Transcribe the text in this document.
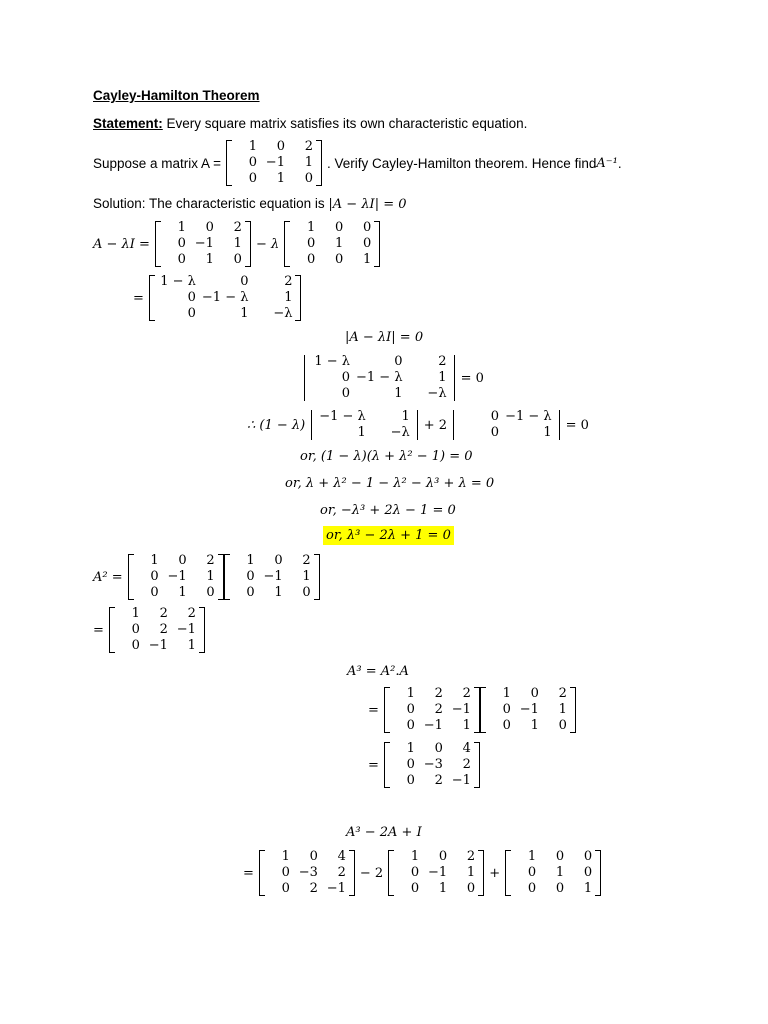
Cayley-Hamilton Theorem
Statement: Every square matrix satisfies its own characteristic equation.
Suppose a matrix A =
1	0	2
0 −1	1
0	1	0
. Verify Cayley-Hamilton theorem. Hence find A⁻¹ .
Solution: The characteristic equation is |A − λI| = 0
A − λI =
1	0	2
0 −1	1
0	1	0
− λ
1	0	0
0	1	0
0	0	1
=
1 − λ	0	2
0 −1 − λ	1
0	1	−λ
|A − λI| = 0
1 − λ	0	2
0 −1 − λ	1
0	1	−λ
= 0
∴ (1 − λ)
−1 − λ	1
1	−λ + 2
0 −1 − λ
0	1 = 0
or, (1 − λ)(λ + λ² − 1) = 0
or, λ + λ² − 1 − λ² − λ³ + λ = 0
or, −λ³ + 2λ − 1 = 0
or, λ³ − 2λ + 1 = 0
A² =
1	0	2
0 −1	1
0	1	0
1	0	2
0 −1	1
0	1	0
=
1	2	2
0	2 −1
0 −1	1
A³ = A².A
=
1	2	2
0	2 −1
0 −1	1
1	0	2
0 −1	1
0	1	0
=
1	0	4
0 −3	2
0	2 −1
A³ − 2A + I
=
1	0	4
0 −3	2
0	2 −1
− 2
1	0	2
0 −1	1
0	1	0
+
1	0	0
0	1	0
0	0	1
